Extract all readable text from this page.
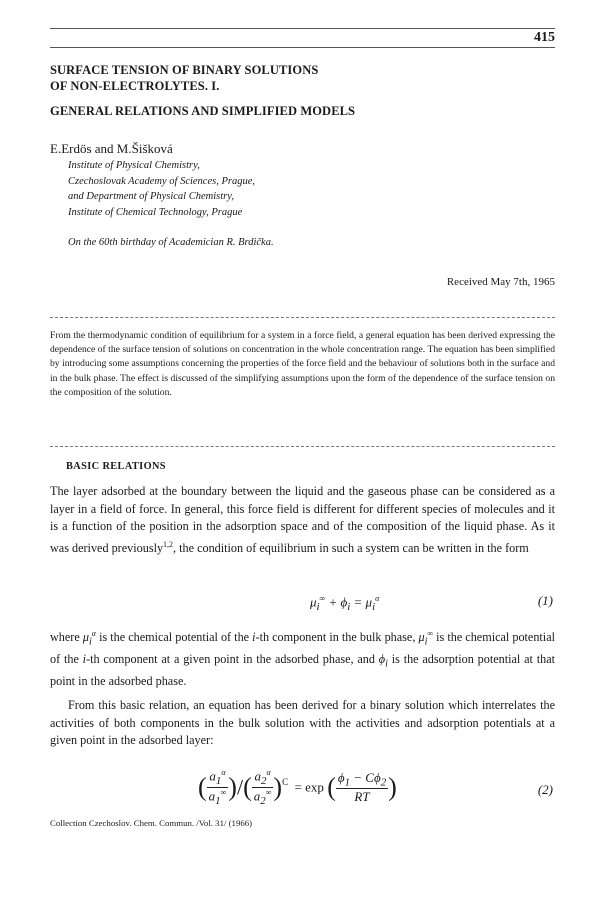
415
SURFACE TENSION OF BINARY SOLUTIONS
OF NON-ELECTROLYTES. I.
GENERAL RELATIONS AND SIMPLIFIED MODELS
E.Erdös and M.Šišková
Institute of Physical Chemistry,
Czechoslovak Academy of Sciences, Prague,
and Department of Physical Chemistry,
Institute of Chemical Technology, Prague
On the 60th birthday of Academician R. Brdička.
Received May 7th, 1965
From the thermodynamic condition of equilibrium for a system in a force field, a general equation has been derived expressing the dependence of the surface tension of solutions on concentration in the whole concentration range. The equation has been simplified by introducing some assumptions concerning the properties of the force field and the behaviour of solutions both in the surface and in the bulk phase. The effect is discussed of the simplifying assumptions upon the form of the dependence of the surface tension on the composition of the solution.
BASIC RELATIONS
The layer adsorbed at the boundary between the liquid and the gaseous phase can be considered as a layer in a field of force. In general, this force field is different for different species of molecules and it is a function of the position in the adsorption space and of the composition of the liquid phase. As it was derived previously$^{1,2}$, the condition of equilibrium in such a system can be written in the form
$\mu_i^\infty + \phi_i = \mu_i^\alpha$	(1)
where $\mu_i^\alpha$ is the chemical potential of the i-th component in the bulk phase, $\mu_i^\infty$ is the chemical potential of the i-th component at a given point in the adsorbed phase, and $\phi_i$ is the adsorption potential at that point in the adsorbed phase.
From this basic relation, an equation has been derived for a binary solution which interrelates the activities of both components in the bulk solution with the activities and adsorption potentials at a given point in the adsorbed layer:
( $\frac{a_1^\alpha}{a_1^\infty}$ )/( $\frac{a_2^\alpha}{a_2^\infty} )^C = \exp$ ( $\frac{\phi_1 - C\phi_2}{RT}$ )	(2)
Collection Czechoslov. Chem. Commun. /Vol. 31/ (1966)
